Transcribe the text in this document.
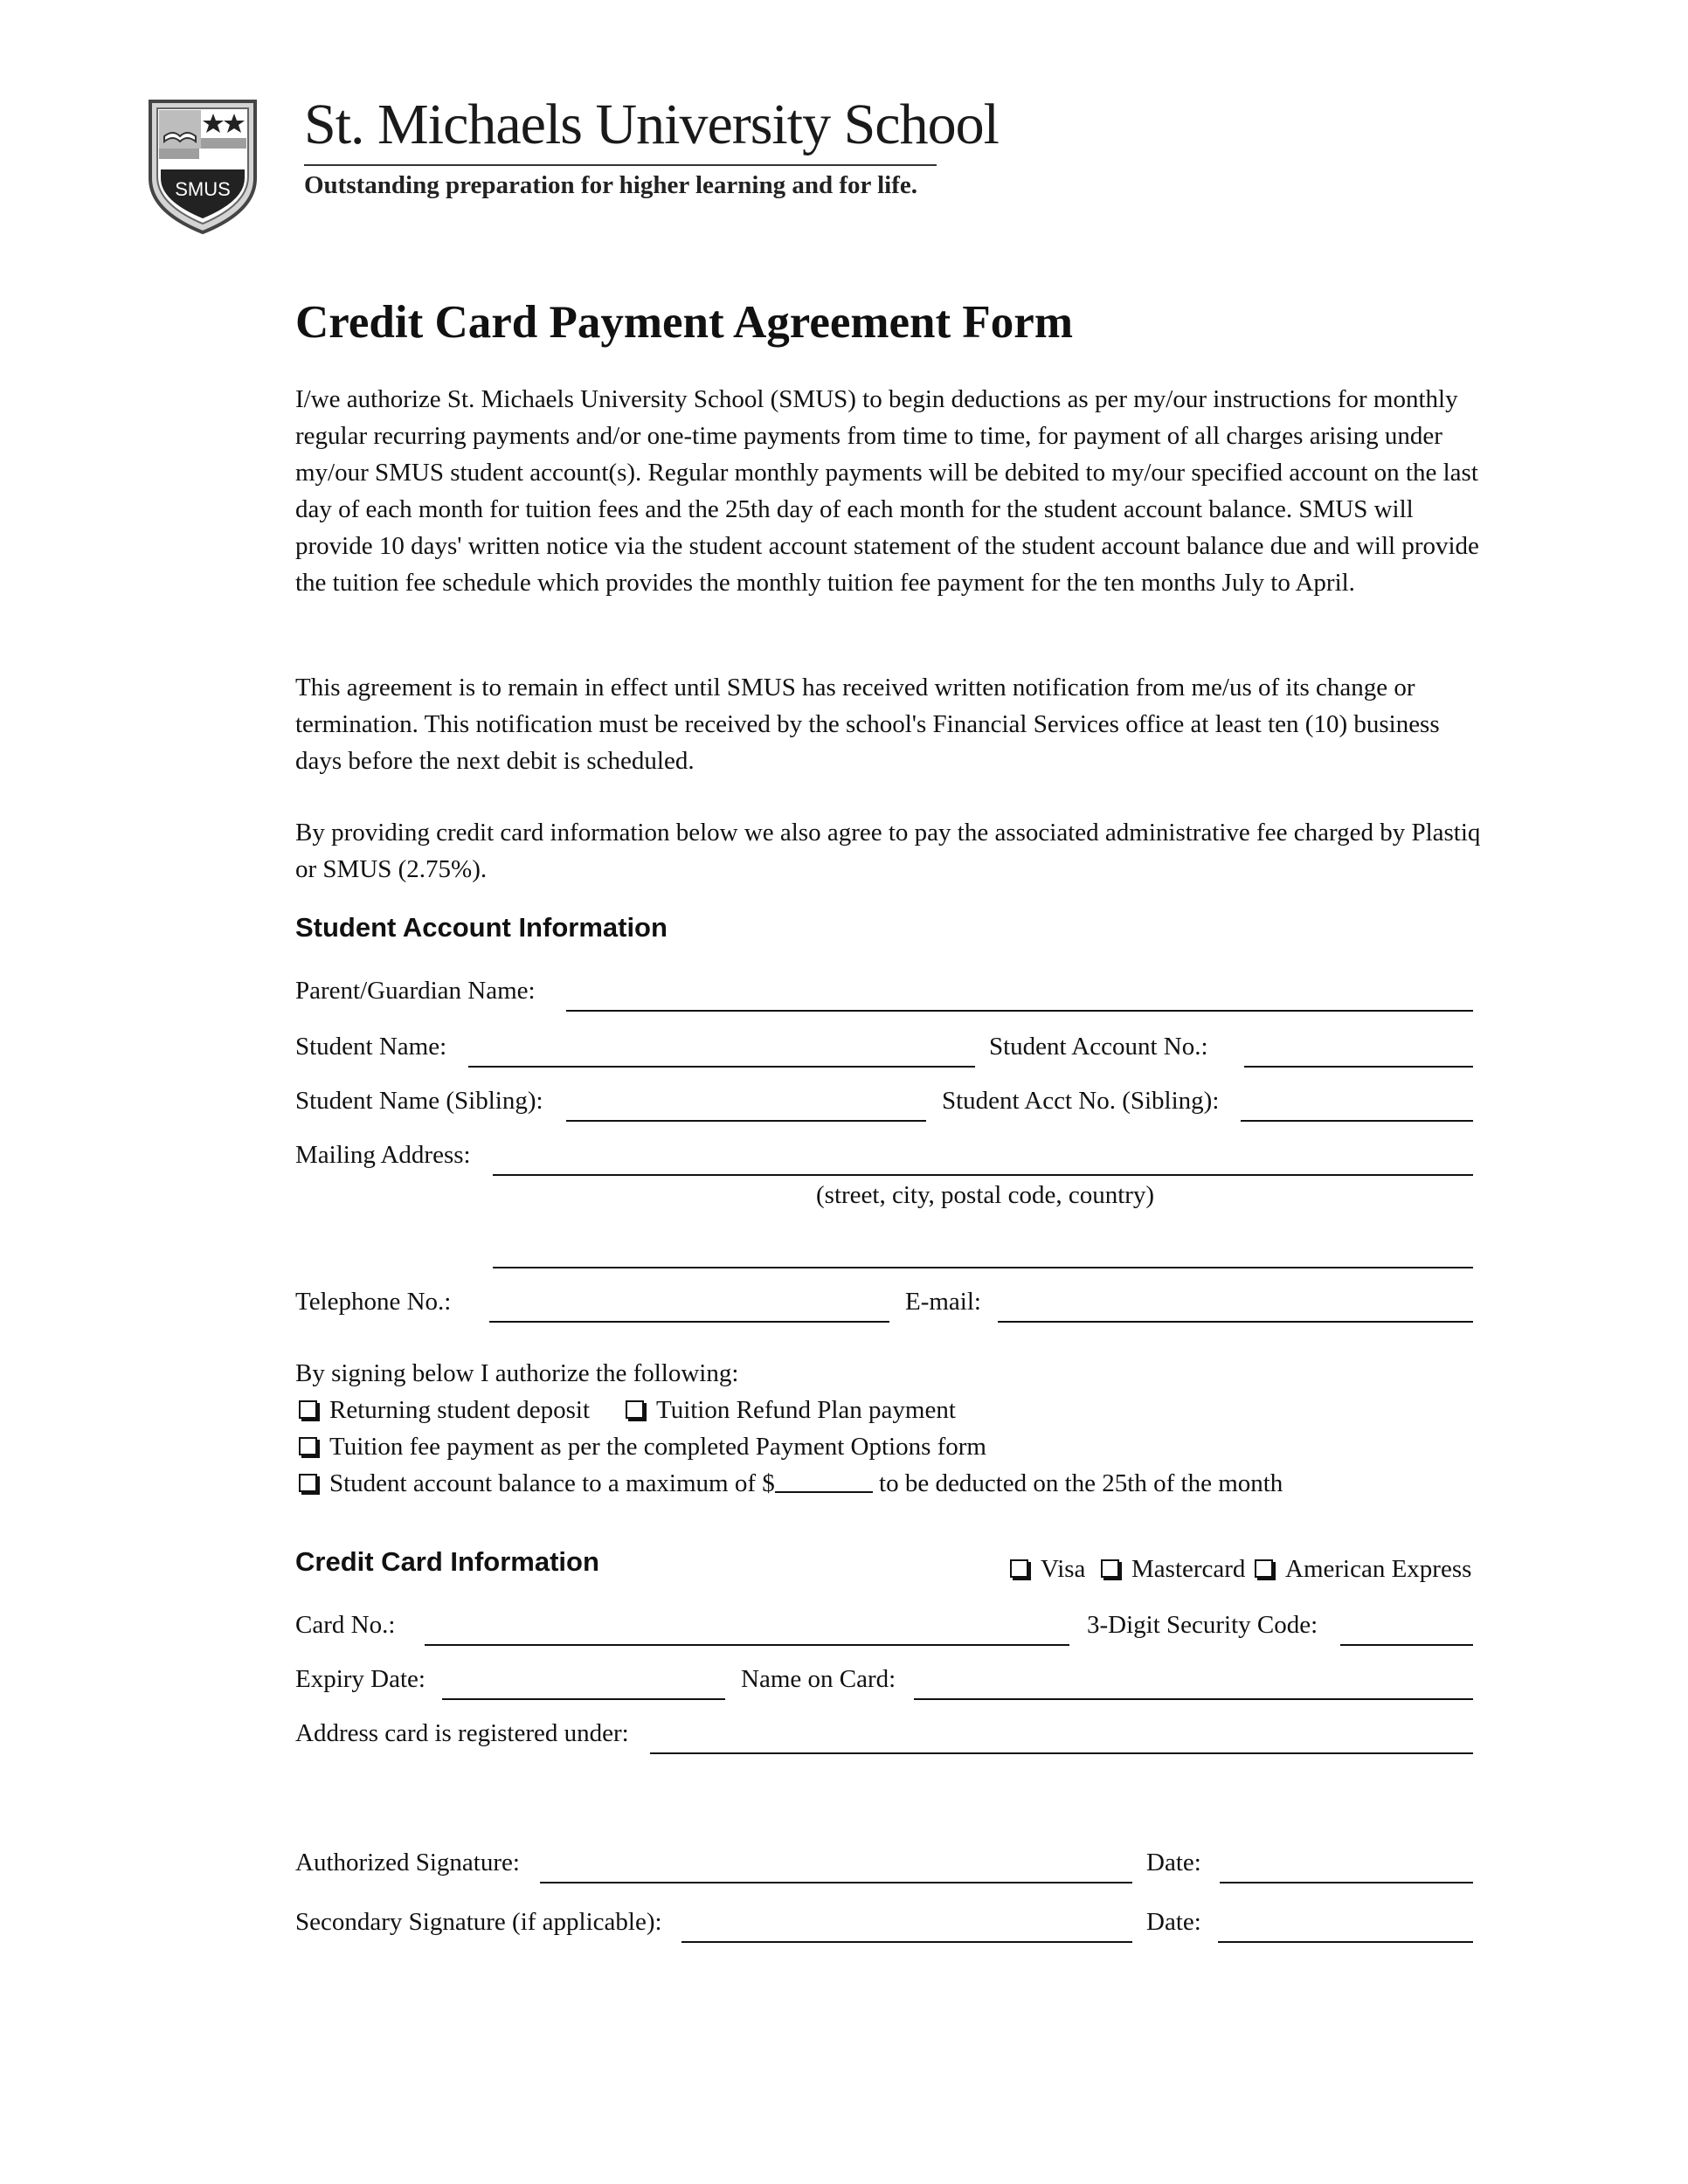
SMUS
St. Michaels University School
Outstanding preparation for higher learning and for life.
Credit Card Payment Agreement Form
I/we authorize St. Michaels University School (SMUS) to begin deductions as per my/our instructions for monthly regular recurring payments and/or one-time payments from time to time, for payment of all charges arising under my/our SMUS student account(s). Regular monthly payments will be debited to my/our specified account on the last day of each month for tuition fees and the 25th day of each month for the student account balance. SMUS will provide 10 days' written notice via the student account statement of the student account balance due and will provide the tuition fee schedule which provides the monthly tuition fee payment for the ten months July to April.
This agreement is to remain in effect until SMUS has received written notification from me/us of its change or termination. This notification must be received by the school's Financial Services office at least ten (10) business days before the next debit is scheduled.
By providing credit card information below we also agree to pay the associated administrative fee charged by Plastiq or SMUS (2.75%).
Student Account Information
Parent/Guardian Name:
Student Name:	Student Account No.:
Student Name (Sibling):	Student Acct No. (Sibling):
Mailing Address:
(street, city, postal code, country)
Telephone No.:	E-mail:
By signing below I authorize the following:
Returning student deposit	Tuition Refund Plan payment
Tuition fee payment as per the completed Payment Options form
Student account balance to a maximum of $	to be deducted on the 25th of the month
Credit Card Information	Visa	Mastercard	American Express
Card No.:	3-Digit Security Code:
Expiry Date:	Name on Card:
Address card is registered under:
Authorized Signature:	Date:
Secondary Signature (if applicable):	Date:
